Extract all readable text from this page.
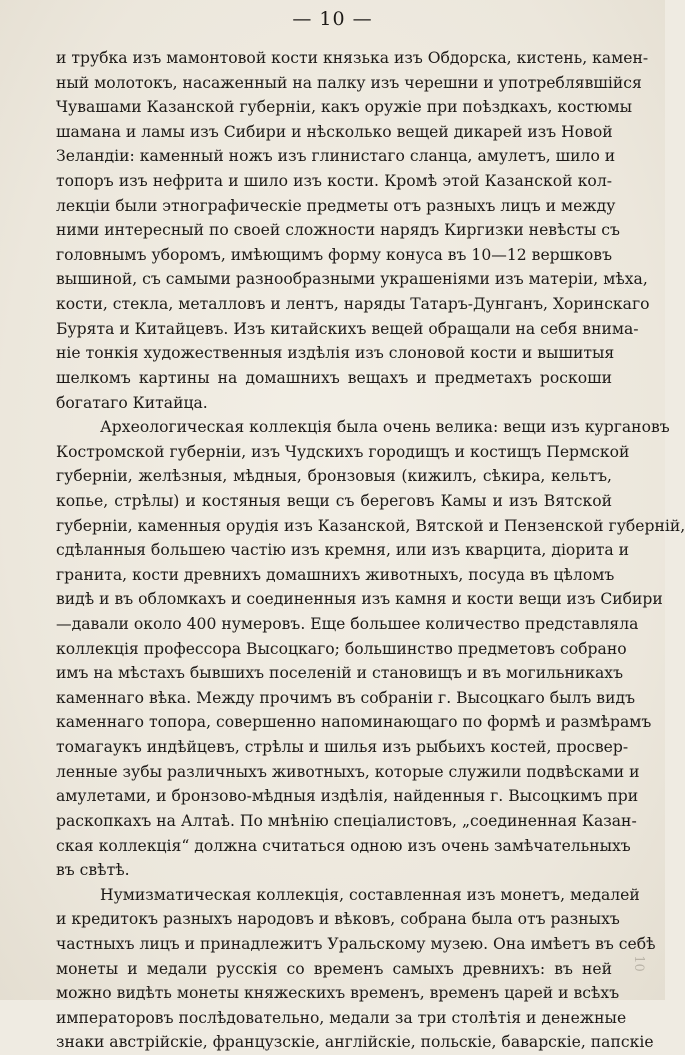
— 10 —
и трубка изъ мамонтовой кости князька изъ Обдорска, кистень, камен-
ный молотокъ, насаженный на палку изъ черешни и употреблявшійся
Чувашами Казанской губерніи, какъ оружіе при поѣздкахъ, костюмы
шамана и ламы изъ Сибири и нѣсколько вещей дикарей изъ Новой
Зеландіи: каменный ножъ изъ глинистаго сланца, амулетъ, шило и
топоръ изъ нефрита и шило изъ кости. Кромѣ этой Казанской кол-
лекціи были этнографическіе предметы отъ разныхъ лицъ и между
ними интересный по своей сложности нарядъ Киргизки невѣсты съ
головнымъ уборомъ, имѣющимъ форму конуса въ 10—12 вершковъ
вышиной, съ самыми разнообразными украшеніями изъ матеріи, мѣха,
кости, стекла, металловъ и лентъ, наряды Татаръ-Дунганъ, Хоринскаго
Бурята и Китайцевъ. Изъ китайскихъ вещей обращали на себя внима-
ніе тонкія художественныя издѣлія изъ слоновой кости и вышитыя
шелкомъ картины на домашнихъ вещахъ и предметахъ роскоши
богатаго Китайца.
Археологическая коллекція была очень велика: вещи изъ кургановъ
Костромской губерніи, изъ Чудскихъ городищъ и костищъ Пермской
губерніи, желѣзныя, мѣдныя, бронзовыя (кижилъ, сѣкира, кельтъ,
копье, стрѣлы) и костяныя вещи съ береговъ Камы и изъ Вятской
губерніи, каменныя орудія изъ Казанской, Вятской и Пензенской губерній,
сдѣланныя большею частію изъ кремня, или изъ кварцита, діорита и
гранита, кости древнихъ домашнихъ животныхъ, посуда въ цѣломъ
видѣ и въ обломкахъ и соединенныя изъ камня и кости вещи изъ Сибири
—давали около 400 нумеровъ. Еще большее количество представляла
коллекція профессора Высоцкаго; большинство предметовъ собрано
имъ на мѣстахъ бывшихъ поселеній и становищъ и въ могильникахъ
каменнаго вѣка. Между прочимъ въ собраніи г. Высоцкаго былъ видъ
каменнаго топора, совершенно напоминающаго по формѣ и размѣрамъ
томагаукъ индѣйцевъ, стрѣлы и шилья изъ рыбьихъ костей, просвер-
ленные зубы различныхъ животныхъ, которые служили подвѣсками и
амулетами, и бронзово-мѣдныя издѣлія, найденныя г. Высоцкимъ при
раскопкахъ на Алтаѣ. По мнѣнію спеціалистовъ, „соединенная Казан-
ская коллекція“ должна считаться одною изъ очень замѣчательныхъ
въ свѣтѣ.
Нумизматическая коллекція, составленная изъ монетъ, медалей
и кредитокъ разныхъ народовъ и вѣковъ, собрана была отъ разныхъ
частныхъ лицъ и принадлежитъ Уральскому музею. Она имѣетъ въ себѣ
монеты и медали русскія со временъ самыхъ древнихъ: въ ней
можно видѣть монеты княжескихъ временъ, временъ царей и всѣхъ
императоровъ послѣдовательно, медали за три столѣтія и денежные
знаки австрійскіе, французскіе, англійскіе, польскіе, баварскіе, папскіе
10
